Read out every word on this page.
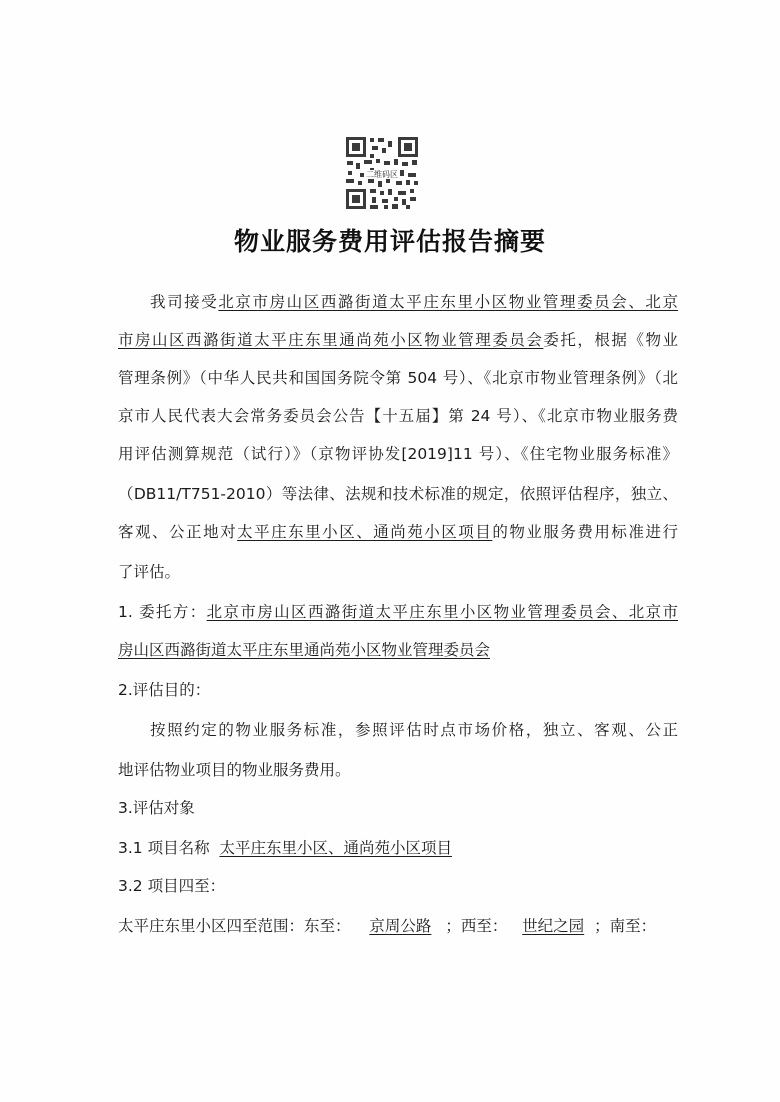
二维码区
物业服务费用评估报告摘要
我司接受北京市房山区西潞街道太平庄东里小区物业管理委员会、北京
市房山区西潞街道太平庄东里通尚苑小区物业管理委员会委托，根据《物业
管理条例》（中华人民共和国国务院令第 504 号）、《北京市物业管理条例》（北
京市人民代表大会常务委员会公告【十五届】第 24 号）、《北京市物业服务费
用评估测算规范（试行）》（京物评协发[2019]11 号）、《住宅物业服务标准》
（DB11/T751-2010）等法律、法规和技术标准的规定，依照评估程序，独立、
客观、公正地对太平庄东里小区、通尚苑小区项目的物业服务费用标准进行
了评估。
1. 委托方：北京市房山区西潞街道太平庄东里小区物业管理委员会、北京市
房山区西潞街道太平庄东里通尚苑小区物业管理委员会
2.评估目的：
按照约定的物业服务标准，参照评估时点市场价格，独立、客观、公正
地评估物业项目的物业服务费用。
3.评估对象
3.1 项目名称 太平庄东里小区、通尚苑小区项目
3.2 项目四至：
太平庄东里小区四至范围：东至： 京周公路 ；西至： 世纪之园 ；南至：
